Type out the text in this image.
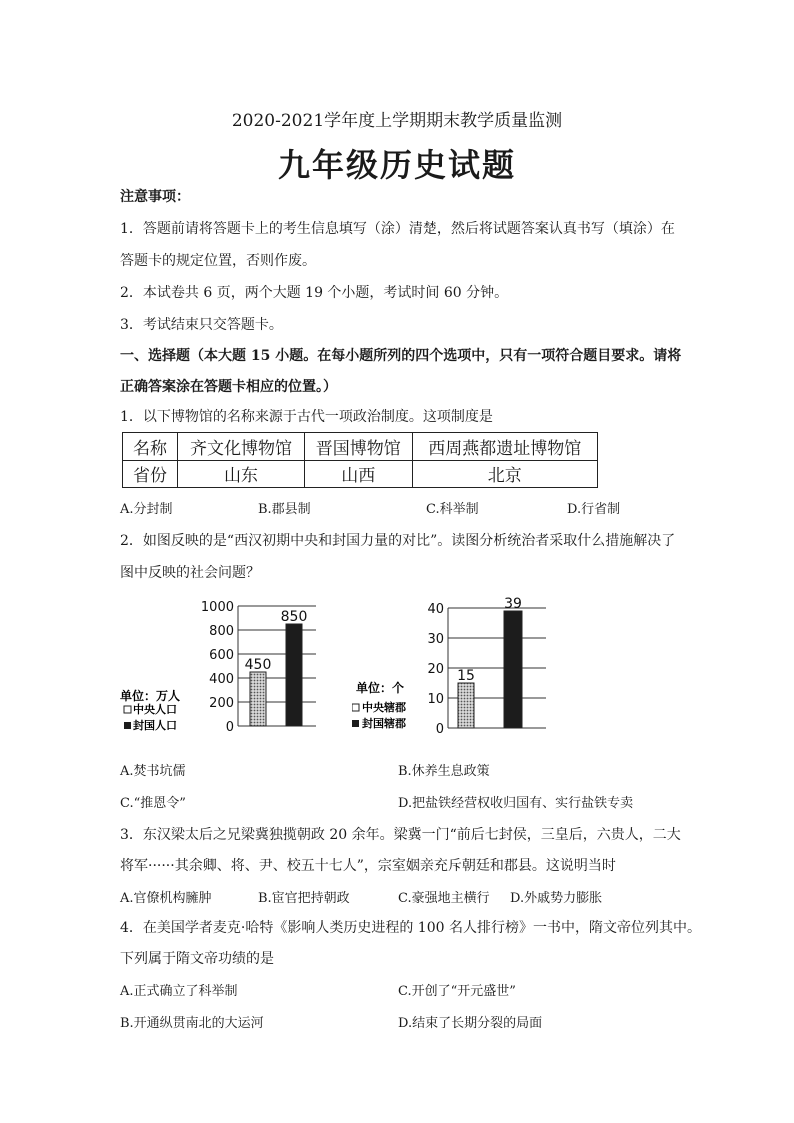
2020-2021学年度上学期期末教学质量监测
九年级历史试题
注意事项：
1．答题前请将答题卡上的考生信息填写（涂）清楚，然后将试题答案认真书写（填涂）在
答题卡的规定位置，否则作废。
2．本试卷共 6 页，两个大题 19 个小题，考试时间 60 分钟。
3．考试结束只交答题卡。
一、选择题（本大题 15 小题。在每小题所列的四个选项中，只有一项符合题目要求。请将
正确答案涂在答题卡相应的位置。）
1．以下博物馆的名称来源于古代一项政治制度。这项制度是
名称	齐文化博物馆	晋国博物馆	西周燕都遗址博物馆
省份	山东	山西	北京
A.分封制	B.郡县制	C.科举制	D.行省制
2．如图反映的是“西汉初期中央和封国力量的对比”。读图分析统治者采取什么措施解决了
图中反映的社会问题？
0
200
400
600
800
1000
450
850
单位：万人
中央人口
封国人口	0
10
20
30
40
15
39
单位：个
中央辖郡
封国辖郡
A.焚书坑儒	B.休养生息政策
C.“推恩令”	D.把盐铁经营权收归国有、实行盐铁专卖
3．东汉梁太后之兄梁冀独揽朝政 20 余年。梁冀一门“前后七封侯，三皇后，六贵人，二大
将军······其余卿、将、尹、校五十七人”，宗室姻亲充斥朝廷和郡县。这说明当时
A.官僚机构臃肿	B.宦官把持朝政	C.豪强地主横行 D.外戚势力膨胀
4．在美国学者麦克·哈特《影响人类历史进程的 100 名人排行榜》一书中，隋文帝位列其中。
下列属于隋文帝功绩的是
A.正式确立了科举制	C.开创了“开元盛世”
B.开通纵贯南北的大运河	D.结束了长期分裂的局面
